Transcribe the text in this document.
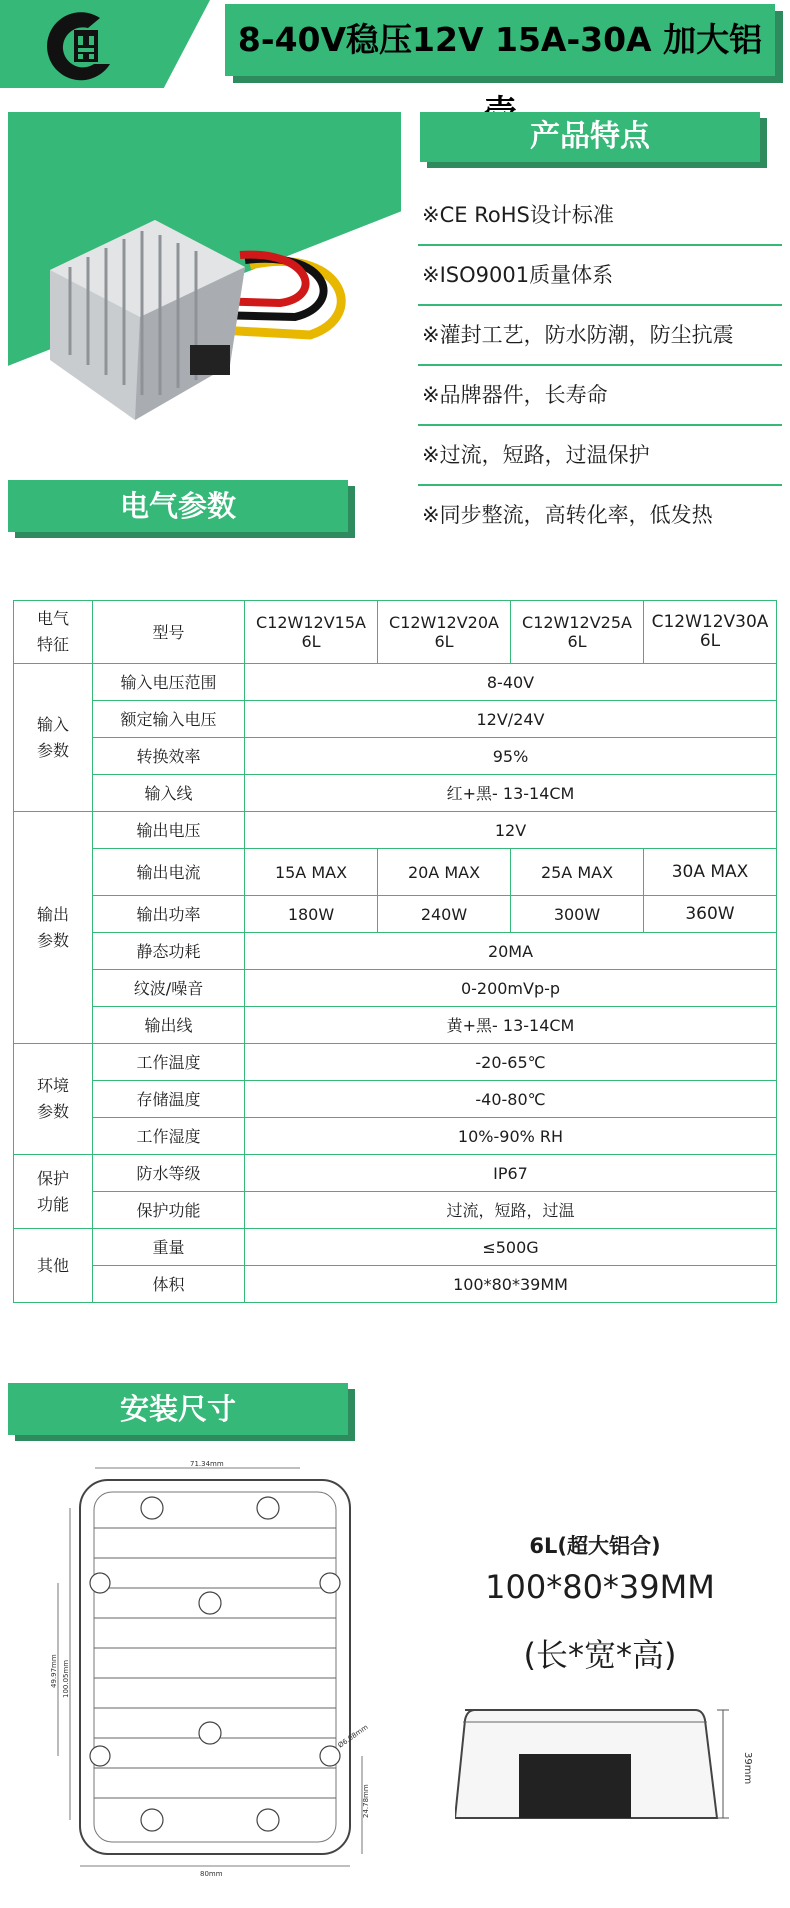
8-40V稳压12V 15A-30A 加大铝
产品特点
※CE RoHS设计标准
※ISO9001质量体系
※灌封工艺，防水防潮，防尘抗震
※品牌器件，长寿命
※过流，短路，过温保护
※同步整流，高转化率，低发热
电气参数
电气特征	型号	C12W12V15A6L	C12W12V20A6L	C12W12V25A6L	C12W12V30A6L

输入参数	输入电压范围	8-40V			
	额定输入电压	12V/24V			
	转换效率	95%			
	输入线	红+黑- 13-14CM			

输出参数	输出电压	12V			
	输出电流	15A MAX	20A MAX	25A MAX	30A MAX
	输出功率	180W	240W	300W	360W
	静态功耗	20MA			
	纹波/噪音	0-200mVp-p			
	输出线	黄+黑- 13-14CM			

环境参数	工作温度	-20-65℃			
	存储温度	-40-80℃			
	工作湿度	10%-90% RH			

保护功能	防水等级	IP67			
	保护功能	过流，短路，过温			
其他	重量	≤500G			
	体积	100*80*39MM			
安装尺寸
71.34mm
49.97mm 100.05mm
Ø6.08mm
24.78mm
80mm
6L(超大铝合)
100*80*39MM
(长*宽*高)
39mm
